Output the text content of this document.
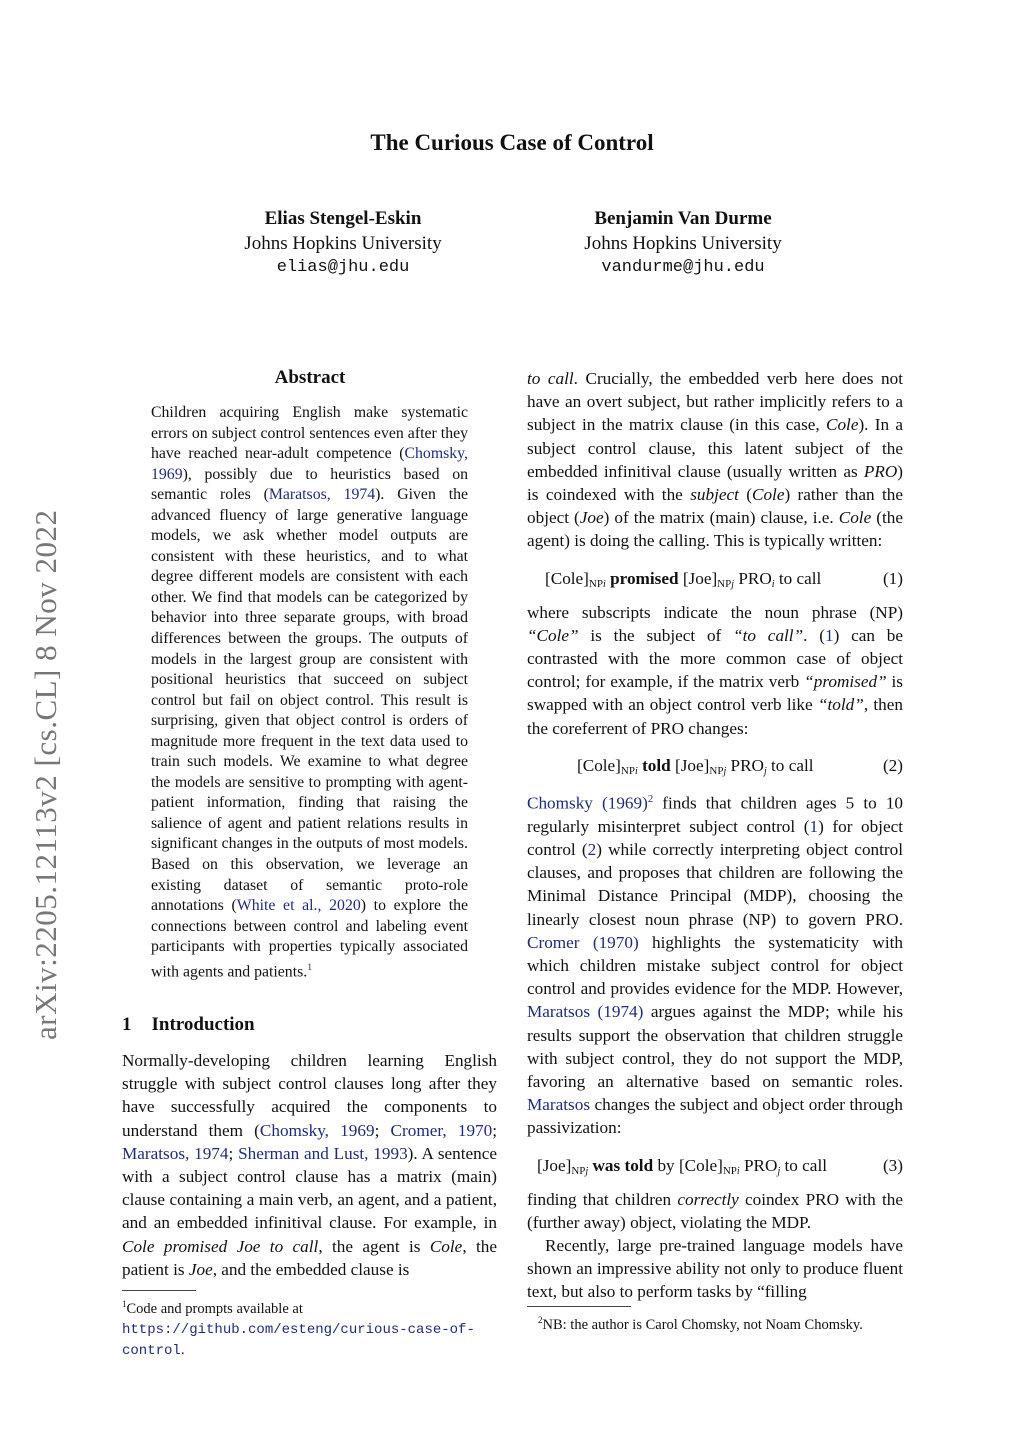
arXiv:2205.12113v2 [cs.CL] 8 Nov 2022
The Curious Case of Control
Elias Stengel-Eskin
Johns Hopkins University
elias@jhu.edu
Benjamin Van Durme
Johns Hopkins University
vandurme@jhu.edu
Abstract
Children acquiring English make systematic errors on subject control sentences even after they have reached near-adult competence (Chomsky, 1969), possibly due to heuristics based on semantic roles (Maratsos, 1974). Given the advanced fluency of large generative language models, we ask whether model outputs are consistent with these heuristics, and to what degree different models are consistent with each other. We find that models can be categorized by behavior into three separate groups, with broad differences between the groups. The outputs of models in the largest group are consistent with positional heuristics that succeed on subject control but fail on object control. This result is surprising, given that object control is orders of magnitude more frequent in the text data used to train such models. We examine to what degree the models are sensitive to prompting with agent-patient information, finding that raising the salience of agent and patient relations results in significant changes in the outputs of most models. Based on this observation, we leverage an existing dataset of semantic proto-role annotations (White et al., 2020) to explore the connections between control and labeling event participants with properties typically associated with agents and patients.$^1$
1 Introduction
Normally-developing children learning English struggle with subject control clauses long after they have successfully acquired the components to understand them (Chomsky, 1969; Cromer, 1970; Maratsos, 1974; Sherman and Lust, 1993). A sentence with a subject control clause has a matrix (main) clause containing a main verb, an agent, and a patient, and an embedded infinitival clause. For example, in Cole promised Joe to call, the agent is Cole, the patient is Joe, and the embedded clause is
$^1$Code and prompts available at https://github.com/esteng/curious-case-of-control.

to call. Crucially, the embedded verb here does not have an overt subject, but rather implicitly refers to a subject in the matrix clause (in this case, Cole). In a subject control clause, this latent subject of the embedded infinitival clause (usually written as PRO) is coindexed with the subject (Cole) rather than the object (Joe) of the matrix (main) clause, i.e. Cole (the agent) is doing the calling. This is typically written:

$[Cole]_{NPi}$ promised $[Joe]_{NPj}$ $PRO_i$ to call	(1)

where subscripts indicate the noun phrase (NP) “Cole” is the subject of “to call”. (1) can be contrasted with the more common case of object control; for example, if the matrix verb “promised” is swapped with an object control verb like “told”, then the coreferrent of PRO changes:

$[Cole]_{NPi}$ told $[Joe]_{NPj}$ $PRO_j$ to call	(2)

Chomsky $(1969)^2$ finds that children ages 5 to 10 regularly misinterpret subject control (1) for object control (2) while correctly interpreting object control clauses, and proposes that children are following the Minimal Distance Principal (MDP), choosing the linearly closest noun phrase (NP) to govern PRO. Cromer (1970) highlights the systematicity with which children mistake subject control for object control and provides evidence for the MDP. However, Maratsos (1974) argues against the MDP; while his results support the observation that children struggle with subject control, they do not support the MDP, favoring an alternative based on semantic roles. Maratsos changes the subject and object order through passivization:

$[Joe]_{NPj}$ was told by $[Cole]_{NPi}$ $PRO_j$ to call	(3)

finding that children correctly coindex PRO with the (further away) object, violating the MDP.

Recently, large pre-trained language models have shown an impressive ability not only to produce fluent text, but also to perform tasks by “filling

$^2$NB: the author is Carol Chomsky, not Noam Chomsky.
